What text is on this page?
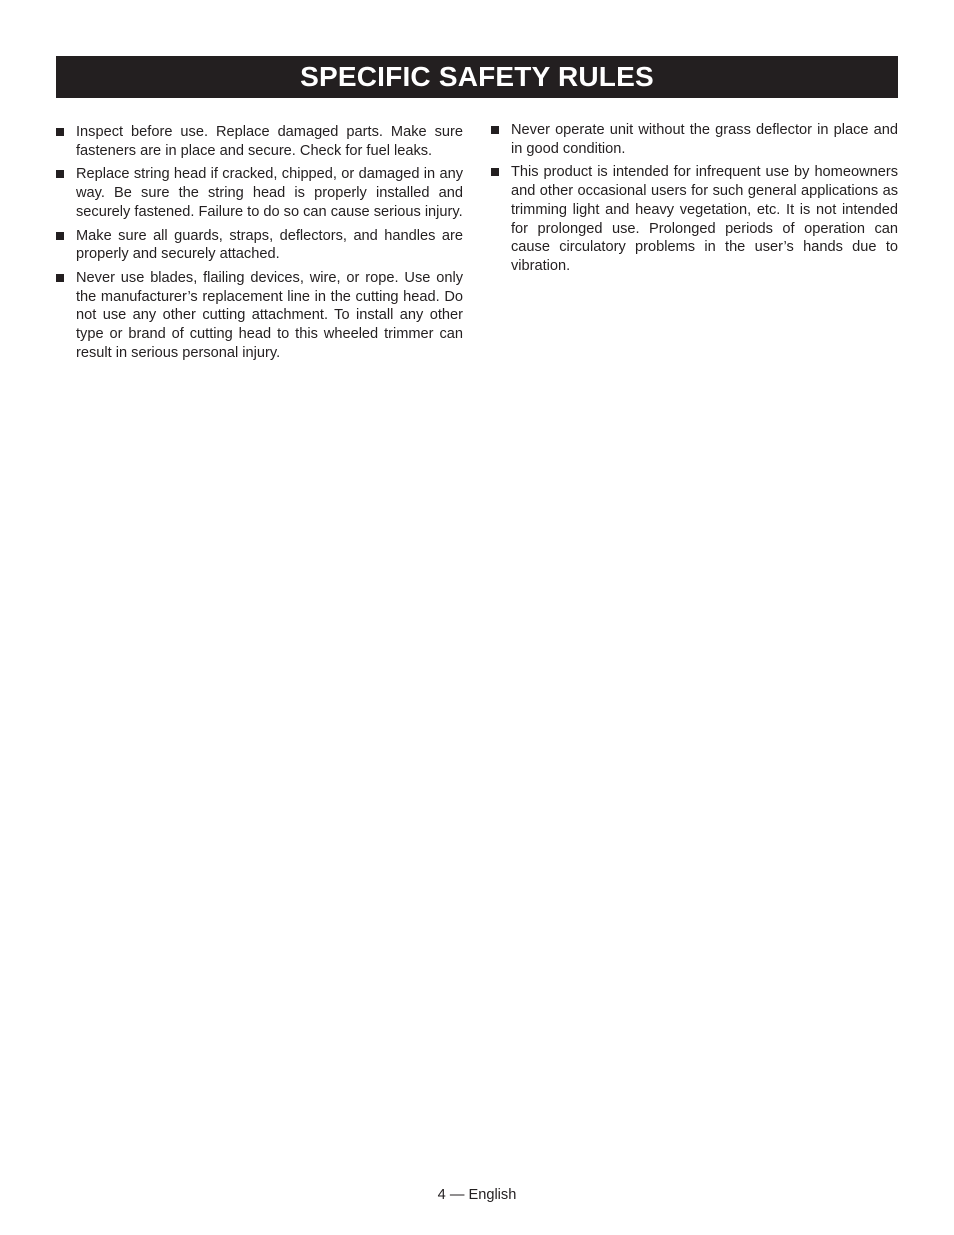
SPECIFIC SAFETY RULES
Inspect before use. Replace damaged parts. Make sure fasteners are in place and secure. Check for fuel leaks.
Replace string head if cracked, chipped, or damaged in any way. Be sure the string head is properly installed and securely fastened. Failure to do so can cause serious injury.
Make sure all guards, straps, deflectors, and handles are properly and securely attached.
Never use blades, flailing devices, wire, or rope. Use only the manufacturer’s replacement line in the cutting head. Do not use any other cutting attachment. To install any other type or brand of cutting head to this wheeled trimmer can result in serious personal injury.
Never operate unit without the grass deflector in place and in good condition.
This product is intended for infrequent use by homeowners and other occasional users for such general applications as trimming light and heavy vegetation, etc. It is not intended for prolonged use. Prolonged periods of operation can cause circulatory problems in the user’s hands due to vibration.
4 — English
